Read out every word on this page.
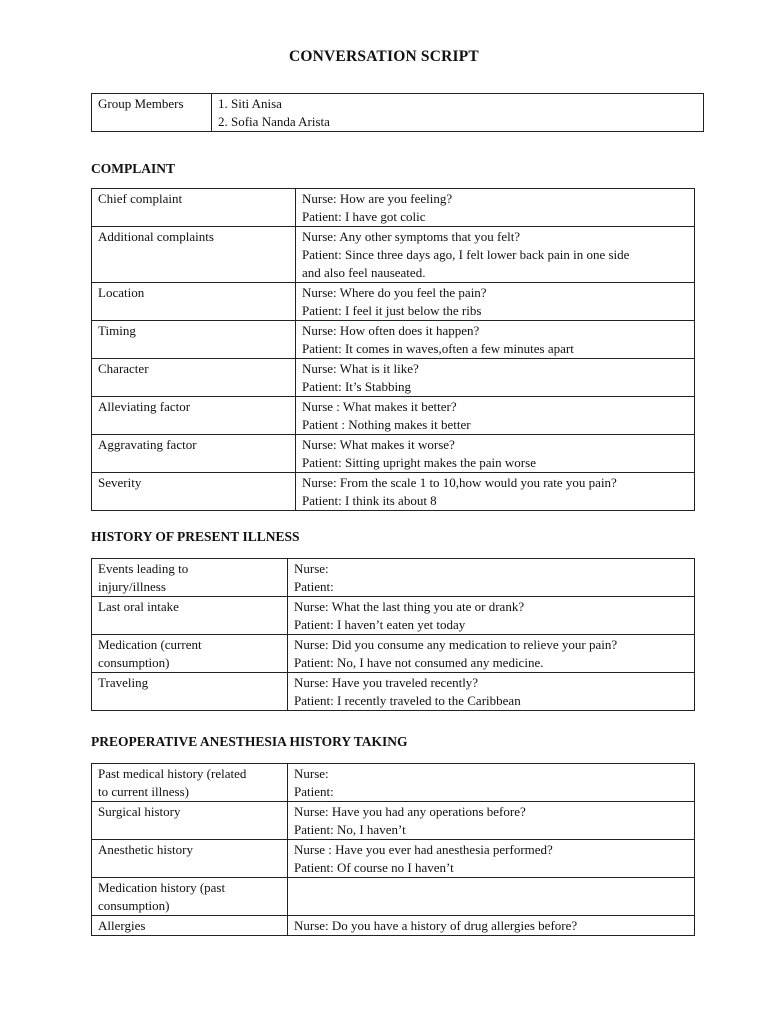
CONVERSATION SCRIPT
Group Members	1. Siti Anisa
2. Sofia Nanda Arista
COMPLAINT
Chief complaint	Nurse: How are you feeling?
Patient: I have got colic

Additional complaints	Nurse: Any other symptoms that you felt?
Patient: Since three days ago, I felt lower back pain in one side
and also feel nauseated.

Location	Nurse: Where do you feel the pain?
Patient: I feel it just below the ribs

Timing	Nurse: How often does it happen?
Patient: It comes in waves,often a few minutes apart

Character	Nurse: What is it like?
Patient: It’s Stabbing

Alleviating factor	Nurse : What makes it better?
Patient : Nothing makes it better

Aggravating factor	Nurse: What makes it worse?
Patient: Sitting upright makes the pain worse

Severity	Nurse: From the scale 1 to 10,how would you rate you pain?
Patient: I think its about 8
HISTORY OF PRESENT ILLNESS
Events leading to
injury/illness	Nurse:
Patient:

Last oral intake	Nurse: What the last thing you ate or drank?
Patient: I haven’t eaten yet today

Medication (current
consumption)	Nurse: Did you consume any medication to relieve your pain?
Patient: No, I have not consumed any medicine.

Traveling	Nurse: Have you traveled recently?
Patient: I recently traveled to the Caribbean
PREOPERATIVE ANESTHESIA HISTORY TAKING
Past medical history (related
to current illness)	Nurse:
Patient:

Surgical history	Nurse: Have you had any operations before?
Patient: No, I haven’t

Anesthetic history	Nurse : Have you ever had anesthesia performed?
Patient: Of course no I haven’t

Medication history (past
consumption)	

Allergies	Nurse: Do you have a history of drug allergies before?
